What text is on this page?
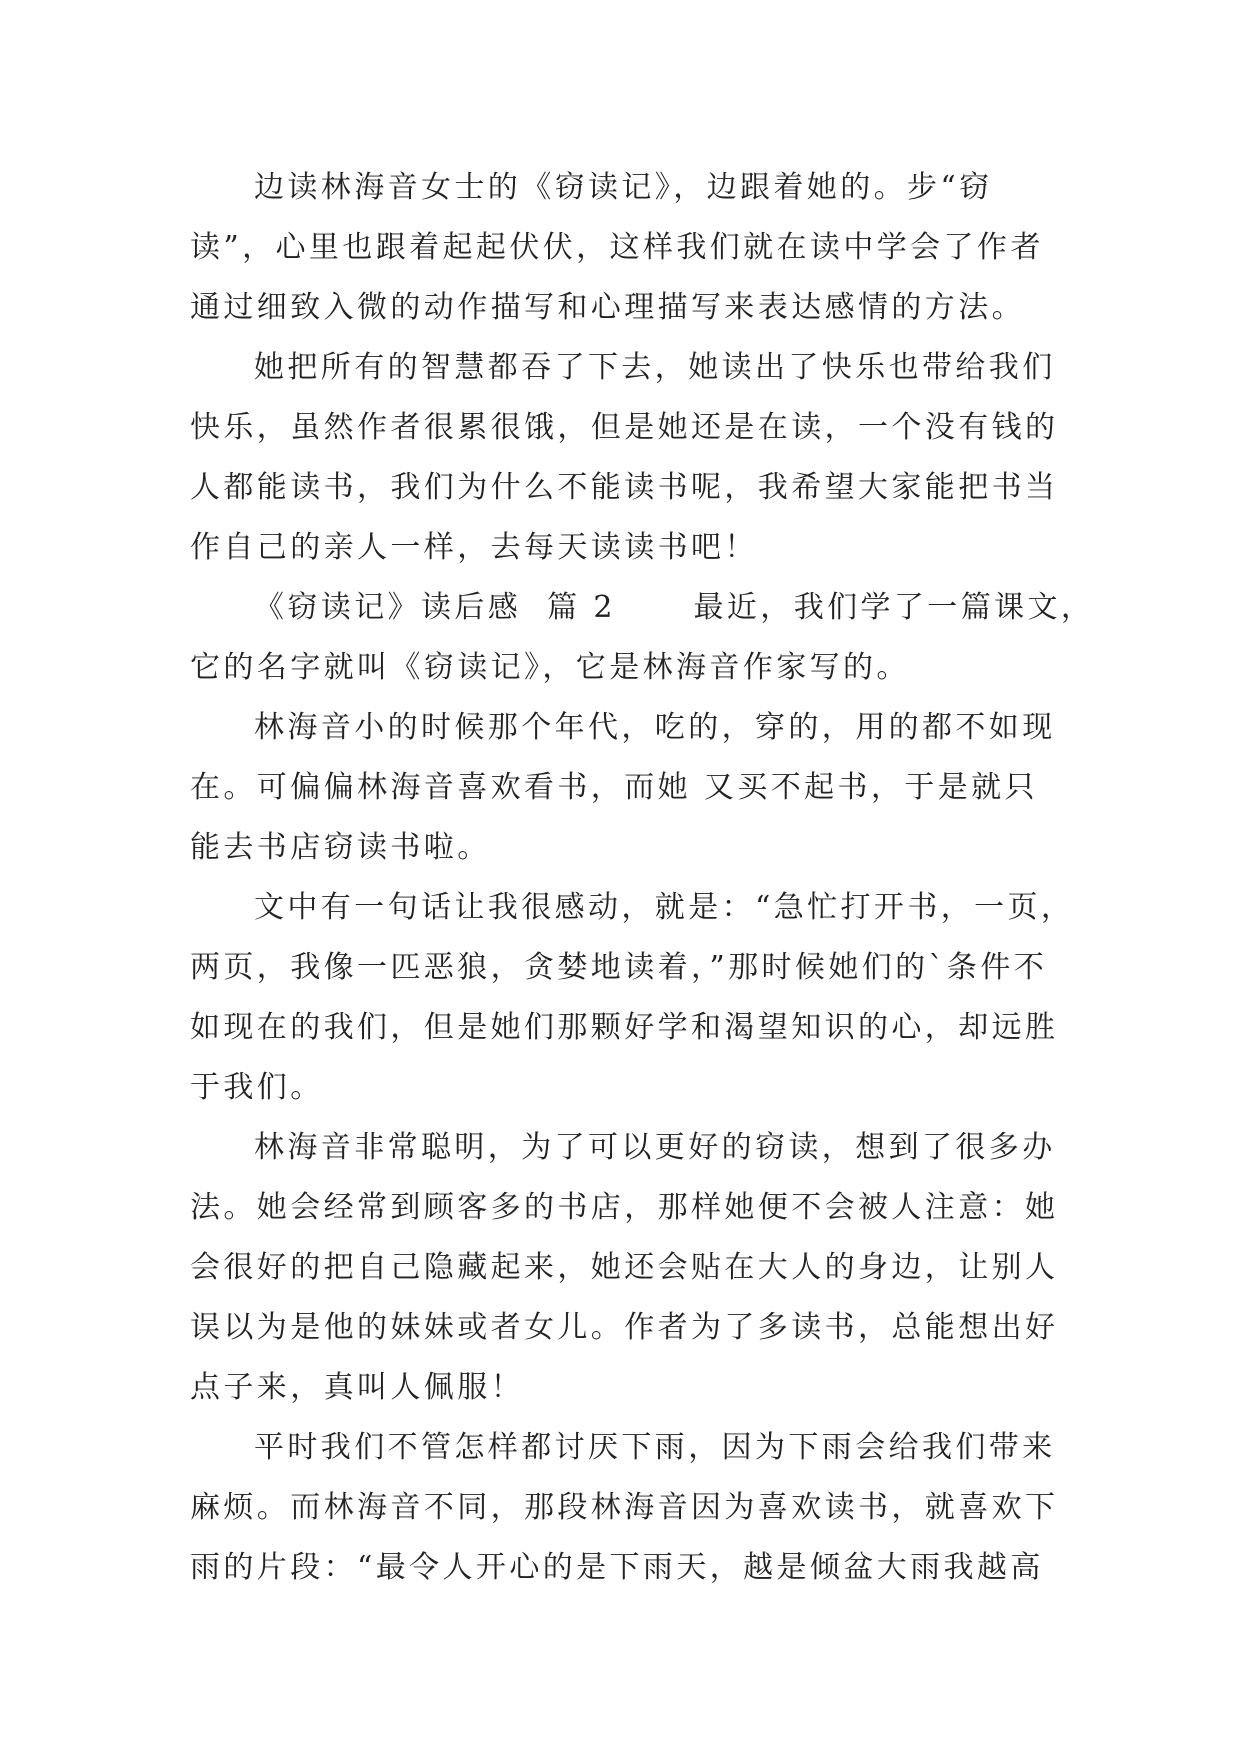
边读林海音女士的《窃读记》，边跟着她的。步“窃
读”，心里也跟着起起伏伏，这样我们就在读中学会了作者
通过细致入微的动作描写和心理描写来表达感情的方法。
她把所有的智慧都吞了下去，她读出了快乐也带给我们
快乐，虽然作者很累很饿，但是她还是在读，一个没有钱的
人都能读书，我们为什么不能读书呢，我希望大家能把书当
作自己的亲人一样，去每天读读书吧！
《窃读记》读后感  篇 2      最近，我们学了一篇课文，
它的名字就叫《窃读记》，它是林海音作家写的。
林海音小的时候那个年代，吃的，穿的，用的都不如现
在。可偏偏林海音喜欢看书，而她 又买不起书，于是就只
能去书店窃读书啦。
文中有一句话让我很感动，就是：“急忙打开书，一页，
两页，我像一匹恶狼，贪婪地读着，”那时候她们的`条件不
如现在的我们，但是她们那颗好学和渴望知识的心，却远胜
于我们。
林海音非常聪明，为了可以更好的窃读，想到了很多办
法。她会经常到顾客多的书店，那样她便不会被人注意：她
会很好的把自己隐藏起来，她还会贴在大人的身边，让别人
误以为是他的妹妹或者女儿。作者为了多读书，总能想出好
点子来，真叫人佩服！
平时我们不管怎样都讨厌下雨，因为下雨会给我们带来
麻烦。而林海音不同，那段林海音因为喜欢读书，就喜欢下
雨的片段：“最令人开心的是下雨天，越是倾盆大雨我越高
